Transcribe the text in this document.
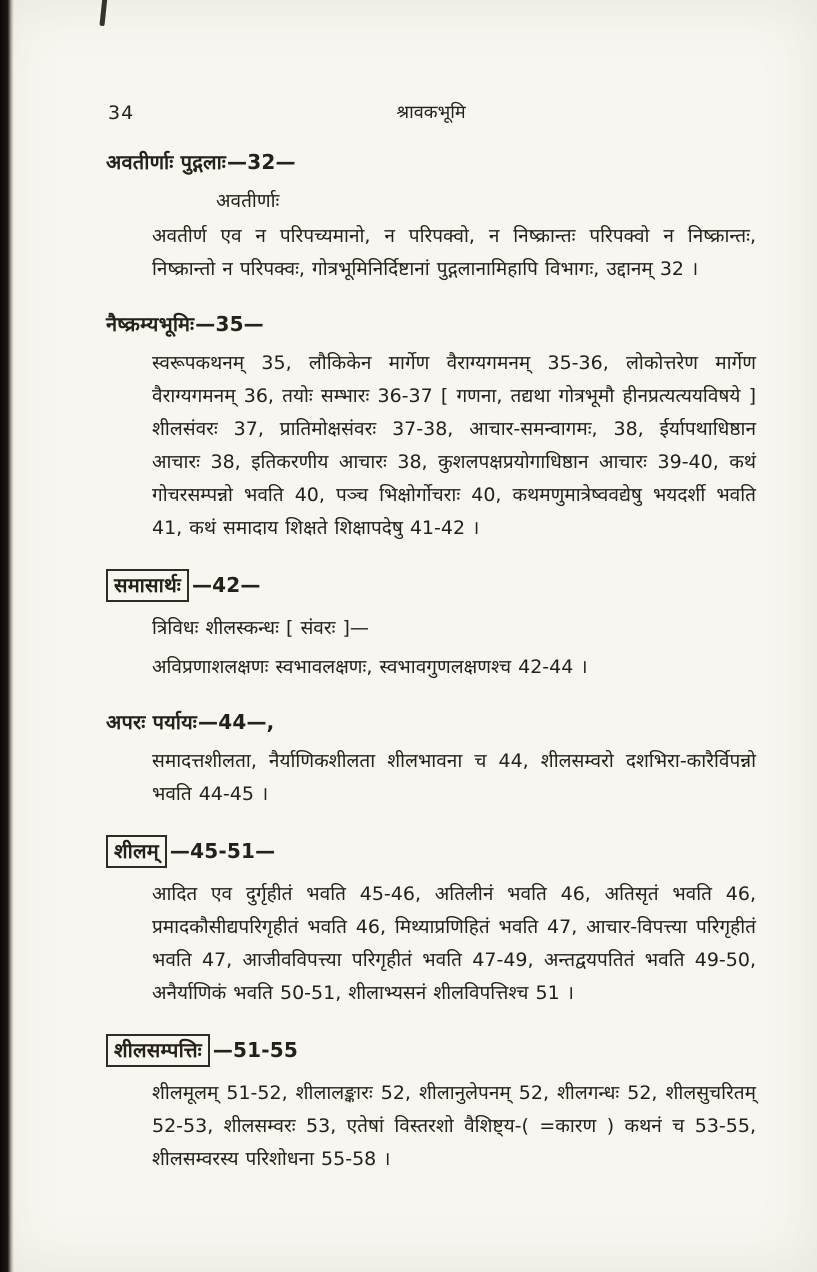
34	श्रावकभूमि
अवतीर्णाः पुद्गलाः—32—

अवतीर्णाः

अवतीर्ण एव न परिपच्यमानो, न परिपक्वो, न निष्क्रान्तः परिपक्वो न निष्क्रान्तः, निष्क्रान्तो न परिपक्वः, गोत्रभूमिनिर्दिष्टानां पुद्गलानामिहापि विभागः, उद्दानम् 32 ।

नैष्क्रम्यभूमिः—35—

स्वरूपकथनम् 35, लौकिकेन मार्गेण वैराग्यगमनम् 35-36, लोकोत्तरेण मार्गेण वैराग्यगमनम् 36, तयोः सम्भारः 36-37 [ गणना, तद्यथा गोत्रभूमौ हीनप्रत्यत्ययविषये ] शीलसंवरः 37, प्रातिमोक्षसंवरः 37-38, आचार-समन्वागमः, 38, ईर्यापथाधिष्ठान आचारः 38, इतिकरणीय आचारः 38, कुशलपक्षप्रयोगाधिष्ठान आचारः 39-40, कथं गोचरसम्पन्नो भवति 40, पञ्च भिक्षोर्गोचराः 40, कथमणुमात्रेष्ववद्येषु भयदर्शी भवति 41, कथं समादाय शिक्षते शिक्षापदेषु 41-42 ।

समासार्थः —42—

त्रिविधः शीलस्कन्धः [ संवरः ]—

अविप्रणाशलक्षणः स्वभावलक्षणः, स्वभावगुणलक्षणश्च 42-44 ।

अपरः पर्यायः—44—,

समादत्तशीलता, नैर्याणिकशीलता शीलभावना च 44, शीलसम्वरो दशभिरा-कारैर्विपन्नो भवति 44-45 ।

शीलम् —45-51—

आदित एव दुर्गृहीतं भवति 45-46, अतिलीनं भवति 46, अतिसृतं भवति 46, प्रमादकौसीद्यपरिगृहीतं भवति 46, मिथ्याप्रणिहितं भवति 47, आचार-विपत्त्या परिगृहीतं भवति 47, आजीवविपत्त्या परिगृहीतं भवति 47-49, अन्तद्वयपतितं भवति 49-50, अनैर्याणिकं भवति 50-51, शीलाभ्यसनं शीलविपत्तिश्च 51 ।

शीलसम्पत्तिः —51-55

शीलमूलम् 51-52, शीलालङ्कारः 52, शीलानुलेपनम् 52, शीलगन्धः 52, शीलसुचरितम् 52-53, शीलसम्वरः 53, एतेषां विस्तरशो वैशिष्ट्य-( =कारण ) कथनं च 53-55, शीलसम्वरस्य परिशोधना 55-58 ।
